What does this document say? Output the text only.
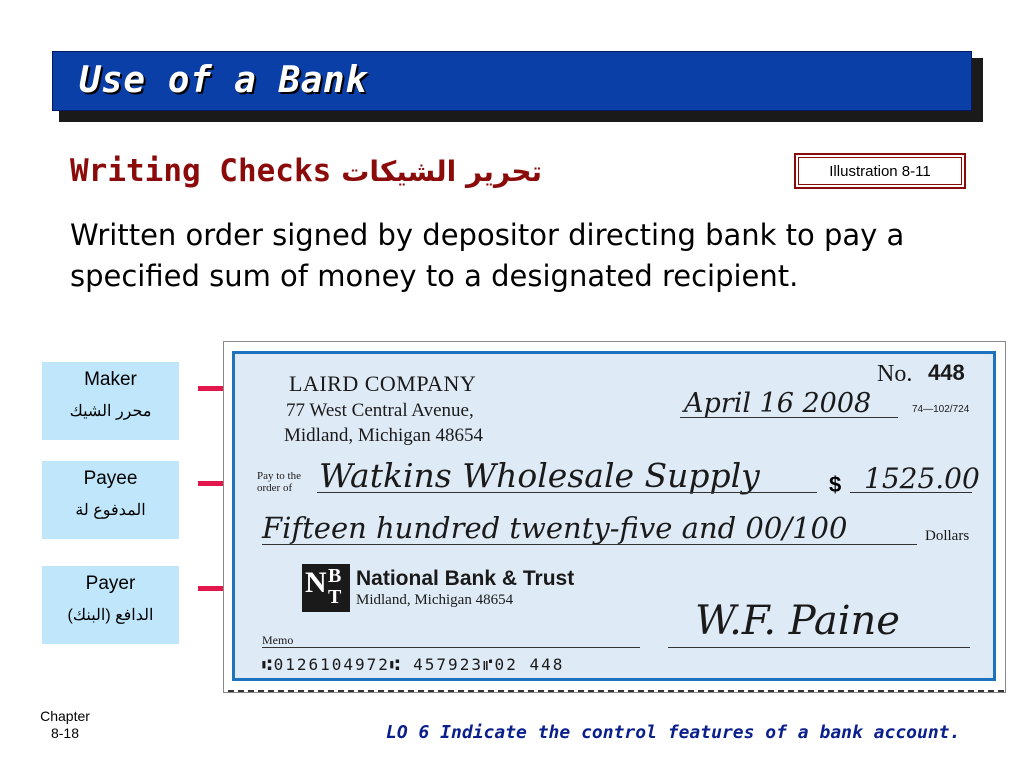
Use of a Bank
Writing Checks تحرير الشيكات	Illustration 8-11
Written order signed by depositor directing bank to pay a specified sum of money to a designated recipient.
Maker
محرر الشيك
Payee
المدفوع لة
Payer
الدافع (البنك)
LAIRD COMPANY
77 West Central Avenue,
Midland, Michigan 48654
No. 448
April 16 2008	74—102/724
Pay to the
order of Watkins Wholesale Supply	$ 1525.00
Fifteen hundred twenty-five and 00/100	Dollars
N B
T
National Bank & Trust
Midland, Michigan 48654
Memo	W.F. Paine
⑆0126104972⑆ 457923⑈02 448
Chapter
8-18	LO 6 Indicate the control features of a bank account.
